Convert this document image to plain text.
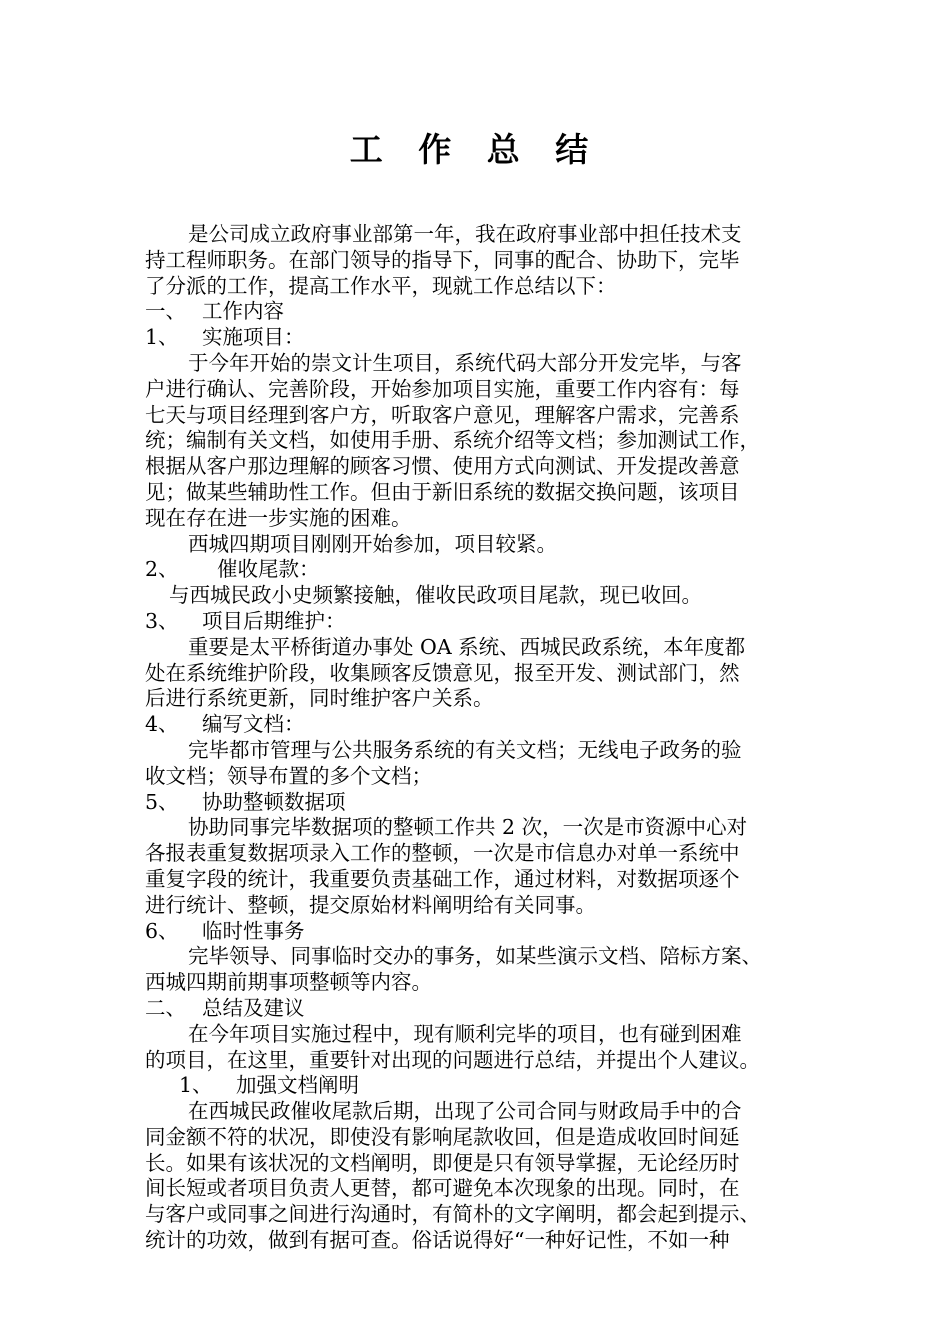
工 作 总 结
是公司成立政府事业部第一年，我在政府事业部中担任技术支
持工程师职务。在部门领导的指导下，同事的配合、协助下，完毕
了分派的工作，提高工作水平，现就工作总结以下：
一、 工作内容
1、 实施项目：
于今年开始的崇文计生项目，系统代码大部分开发完毕，与客
户进行确认、完善阶段，开始参加项目实施，重要工作内容有：每
七天与项目经理到客户方，听取客户意见，理解客户需求，完善系
统；编制有关文档，如使用手册、系统介绍等文档；参加测试工作，
根据从客户那边理解的顾客习惯、使用方式向测试、开发提改善意
见；做某些辅助性工作。但由于新旧系统的数据交换问题，该项目
现在存在进一步实施的困难。
西城四期项目刚刚开始参加，项目较紧。
2、 催收尾款：
与西城民政小史频繁接触，催收民政项目尾款，现已收回。
3、 项目后期维护：
重要是太平桥街道办事处 OA 系统、西城民政系统，本年度都
处在系统维护阶段，收集顾客反馈意见，报至开发、测试部门，然
后进行系统更新，同时维护客户关系。
4、 编写文档：
完毕都市管理与公共服务系统的有关文档；无线电子政务的验
收文档；领导布置的多个文档；
5、 协助整顿数据项
协助同事完毕数据项的整顿工作共 2 次，一次是市资源中心对
各报表重复数据项录入工作的整顿，一次是市信息办对单一系统中
重复字段的统计，我重要负责基础工作，通过材料，对数据项逐个
进行统计、整顿，提交原始材料阐明给有关同事。
6、 临时性事务
完毕领导、同事临时交办的事务，如某些演示文档、陪标方案、
西城四期前期事项整顿等内容。
二、 总结及建议
在今年项目实施过程中，现有顺利完毕的项目，也有碰到困难
的项目，在这里，重要针对出现的问题进行总结，并提出个人建议。
1、 加强文档阐明
在西城民政催收尾款后期，出现了公司合同与财政局手中的合
同金额不符的状况，即使没有影响尾款收回，但是造成收回时间延
长。如果有该状况的文档阐明，即便是只有领导掌握，无论经历时
间长短或者项目负责人更替，都可避免本次现象的出现。同时，在
与客户或同事之间进行沟通时，有简朴的文字阐明，都会起到提示、
统计的功效，做到有据可查。俗话说得好“一种好记性，不如一种
